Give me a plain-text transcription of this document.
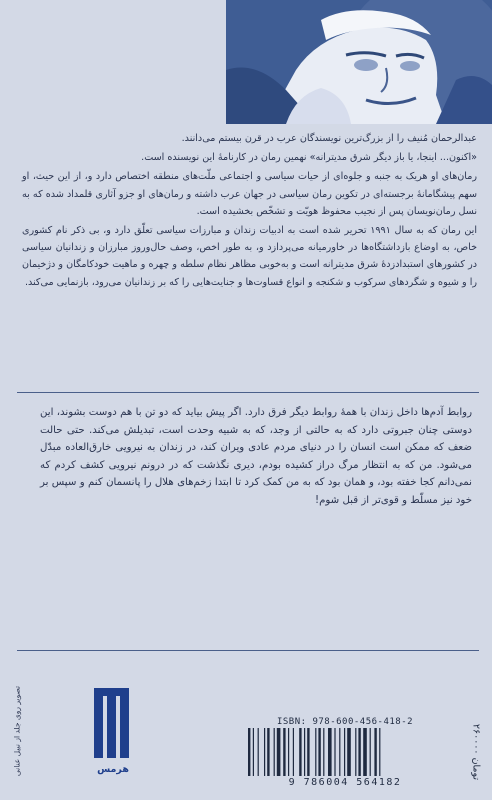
عبدالرحمان مُنیف را از بزرگ‌ترین نویسندگان عرب در قرن بیستم می‌دانند.

«اکنون... اینجا، یا باز دیگر شرق مدیترانه» نهمین رمان در کارنامهٔ این نویسنده است.

رمان‌های او هریک به جنبه و جلوه‌ای از حیات سیاسی و اجتماعی ملّت‌های منطقه اختصاص دارد و، از این حیث، او سهم پیشگامانهٔ برجسته‌ای در تکوین رمان سیاسی در جهان عرب داشته و رمان‌های او جزو آثاری قلمداد شده که به نسل رمان‌نویسان پس از نجیب محفوظ هویّت و تشخّص بخشیده است.

این رمان که به سال ۱۹۹۱ تحریر شده است به ادبیات زندان و مبارزات سیاسی تعلّق دارد و، بی ذکر نام کشوری خاص، به اوضاع بازداشتگاه‌ها در خاورمیانه می‌پردازد و، به طور اخص، وصف حال‌وروز مبارزان و زندانیان سیاسی در کشورهای استبدادزدهٔ شرق مدیترانه است و به‌خوبی مظاهر نظام سلطه و چهره و ماهیت خودکامگان و دژخیمان را و شیوه و شگردهای سرکوب و شکنجه و انواع قساوت‌ها و جنایت‌هایی را که بر زندانیان می‌رود، بازنمایی می‌کند.

روابط آدم‌ها داخل زندان با همهٔ روابط دیگر فرق دارد. اگر پیش بیاید که دو تن با هم دوست بشوند، این دوستی چنان جبروتی دارد که به حالتی از وجد، که به شبیه وحدت است، تبدیلش می‌کند. حتی حالت ضعف که ممکن است انسان را در دنیای مردم عادی ویران کند، در زندان به نیرویی خارق‌العاده مبدّل می‌شود. من که به انتظار مرگ دراز کشیده بودم، دیری نگذشت که در درونم نیرویی کشف کردم که نمی‌دانم کجا خفته بود، و همان بود که به من کمک کرد تا ابتدا زخم‌های هلال را پانسمان کنم و سپس بر خود نیز مسلّط و قوی‌تر از قبل شوم!
تصویر روی جلد از نبیل عنانی	هرمس
ISBN: 978-600-456-418-2
9 786004 564182
۲۶۰۰۰۰ تومان
